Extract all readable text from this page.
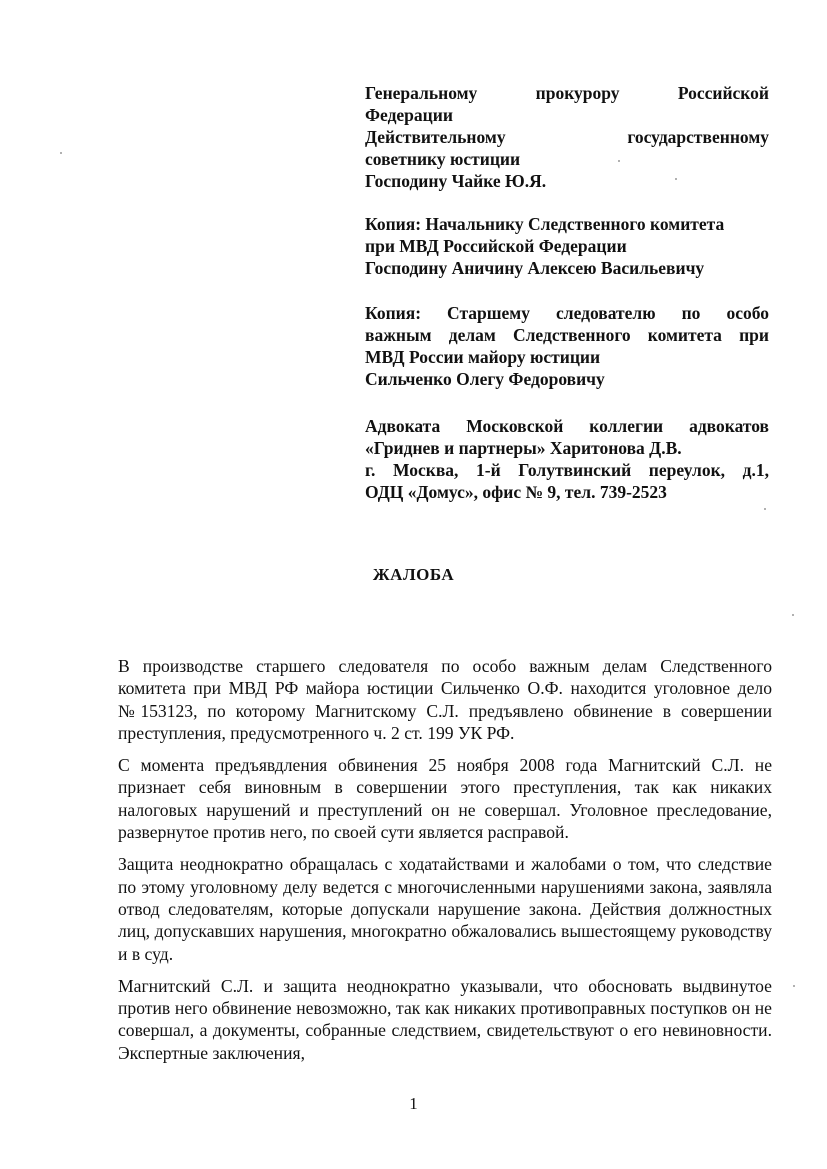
Генеральному прокурору Российской

Федерации

Действительному государственному

советнику юстиции

Господину Чайке Ю.Я.

Копия: Начальнику Следственного комитета

при МВД Российской Федерации

Господину Аничину Алексею Васильевичу

Копия: Старшему следователю по особо

важным делам Следственного комитета при

МВД России майору юстиции

Сильченко Олегу Федоровичу

Адвоката Московской коллегии адвокатов

«Гриднев и партнеры» Харитонова Д.В.

г. Москва, 1-й Голутвинский переулок, д.1,

ОДЦ «Домус», офис № 9, тел. 739-2523

ЖАЛОБА

В производстве старшего следователя по особо важным делам Следственного комитета при МВД РФ майора юстиции Сильченко О.Ф. находится уголовное дело №153123, по которому Магнитскому С.Л. предъявлено обвинение в совершении преступления, предусмотренного ч. 2 ст. 199 УК РФ.

С момента предъявдления обвинения 25 ноября 2008 года Магнитский С.Л. не признает себя виновным в совершении этого преступления, так как никаких налоговых нарушений и преступлений он не совершал. Уголовное преследование, развернутое против него, по своей сути является расправой.

Защита неоднократно обращалась с ходатайствами и жалобами о том, что следствие по этому уголовному делу ведется с многочисленными нарушениями закона, заявляла отвод следователям, которые допускали нарушение закона. Действия должностных лиц, допускавших нарушения, многократно обжаловались вышестоящему руководству и в суд.

Магнитский С.Л. и защита неоднократно указывали, что обосновать выдвинутое против него обвинение невозможно, так как никаких противоправных поступков он не совершал, а документы, собранные следствием, свидетельствуют о его невиновности. Экспертные заключения,

1
